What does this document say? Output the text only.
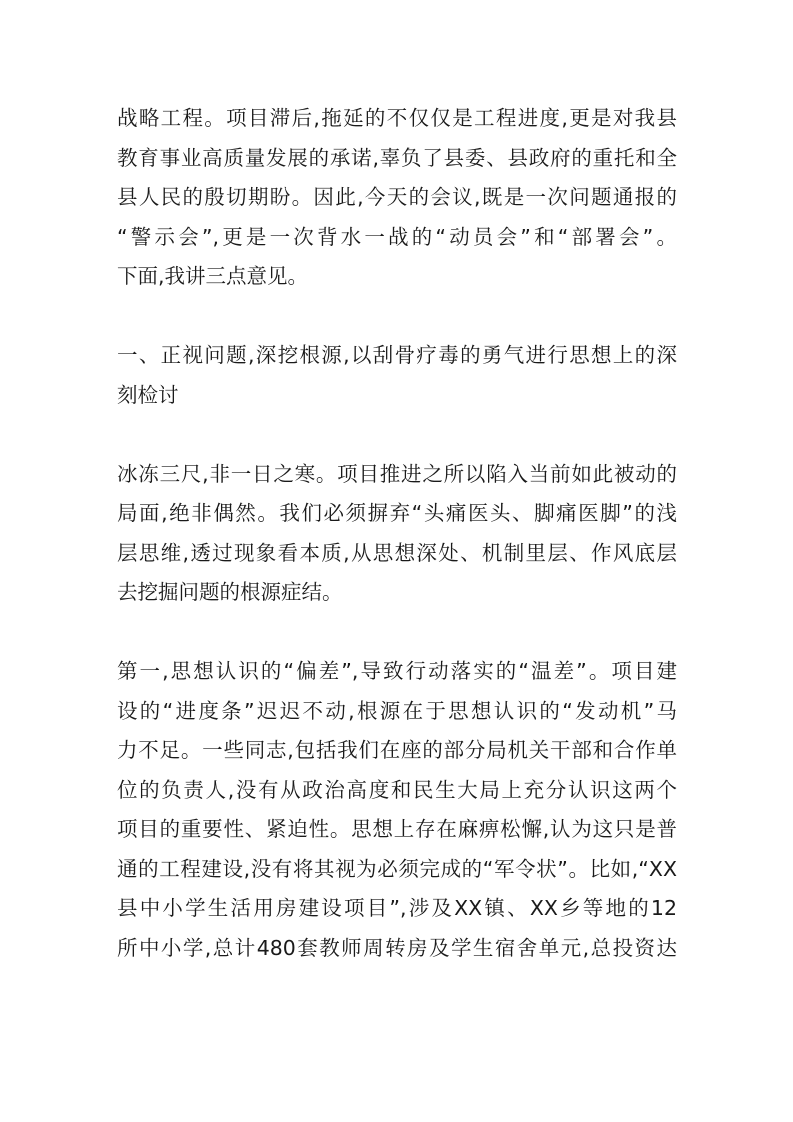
战略工程。项目滞后,拖延的不仅仅是工程进度,更是对我县
教育事业高质量发展的承诺,辜负了县委、县政府的重托和全
县人民的殷切期盼。因此,今天的会议,既是一次问题通报的
“警示会”,更是一次背水一战的“动员会”和“部署会”。
下面,我讲三点意见。
一、正视问题,深挖根源,以刮骨疗毒的勇气进行思想上的深
刻检讨
冰冻三尺,非一日之寒。项目推进之所以陷入当前如此被动的
局面,绝非偶然。我们必须摒弃“头痛医头、脚痛医脚”的浅
层思维,透过现象看本质,从思想深处、机制里层、作风底层
去挖掘问题的根源症结。
第一,思想认识的“偏差”,导致行动落实的“温差”。项目建
设的“进度条”迟迟不动,根源在于思想认识的“发动机”马
力不足。一些同志,包括我们在座的部分局机关干部和合作单
位的负责人,没有从政治高度和民生大局上充分认识这两个
项目的重要性、紧迫性。思想上存在麻痹松懈,认为这只是普
通的工程建设,没有将其视为必须完成的“军令状”。比如,“XX
县中小学生活用房建设项目”,涉及XX镇、XX乡等地的12
所中小学,总计480套教师周转房及学生宿舍单元,总投资达
